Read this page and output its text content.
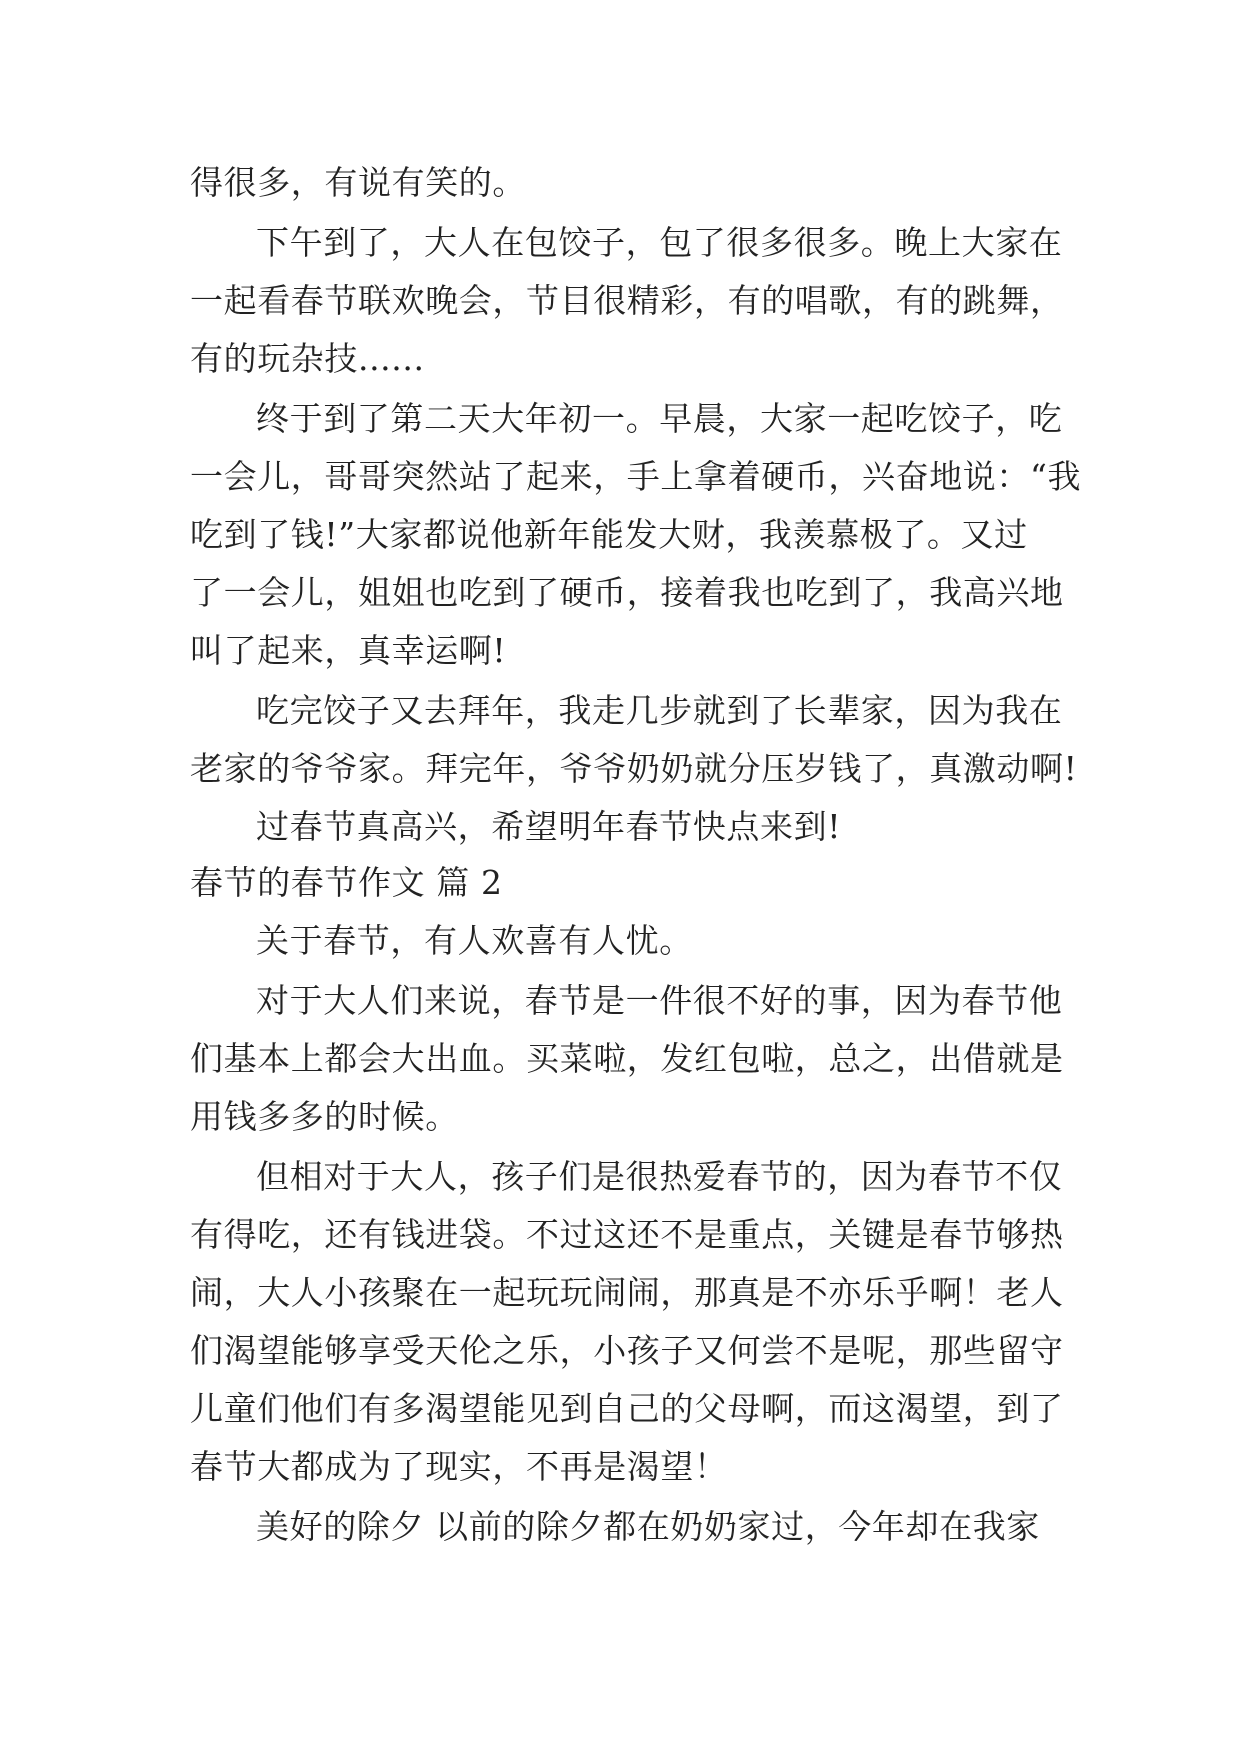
得很多，有说有笑的。
下午到了，大人在包饺子，包了很多很多。晚上大家在
一起看春节联欢晚会，节目很精彩，有的唱歌，有的跳舞，
有的玩杂技......
终于到了第二天大年初一。早晨，大家一起吃饺子，吃
一会儿，哥哥突然站了起来，手上拿着硬币，兴奋地说：“我
吃到了钱!”大家都说他新年能发大财，我羡慕极了。又过
了一会儿，姐姐也吃到了硬币，接着我也吃到了，我高兴地
叫了起来，真幸运啊!
吃完饺子又去拜年，我走几步就到了长辈家，因为我在
老家的爷爷家。拜完年，爷爷奶奶就分压岁钱了，真激动啊!
过春节真高兴，希望明年春节快点来到!
春节的春节作文 篇 2
关于春节，有人欢喜有人忧。
对于大人们来说，春节是一件很不好的事，因为春节他
们基本上都会大出血。买菜啦，发红包啦，总之，出借就是
用钱多多的时候。
但相对于大人，孩子们是很热爱春节的，因为春节不仅
有得吃，还有钱进袋。不过这还不是重点，关键是春节够热
闹，大人小孩聚在一起玩玩闹闹，那真是不亦乐乎啊！老人
们渴望能够享受天伦之乐，小孩子又何尝不是呢，那些留守
儿童们他们有多渴望能见到自己的父母啊，而这渴望，到了
春节大都成为了现实，不再是渴望！
美好的除夕 以前的除夕都在奶奶家过，今年却在我家
